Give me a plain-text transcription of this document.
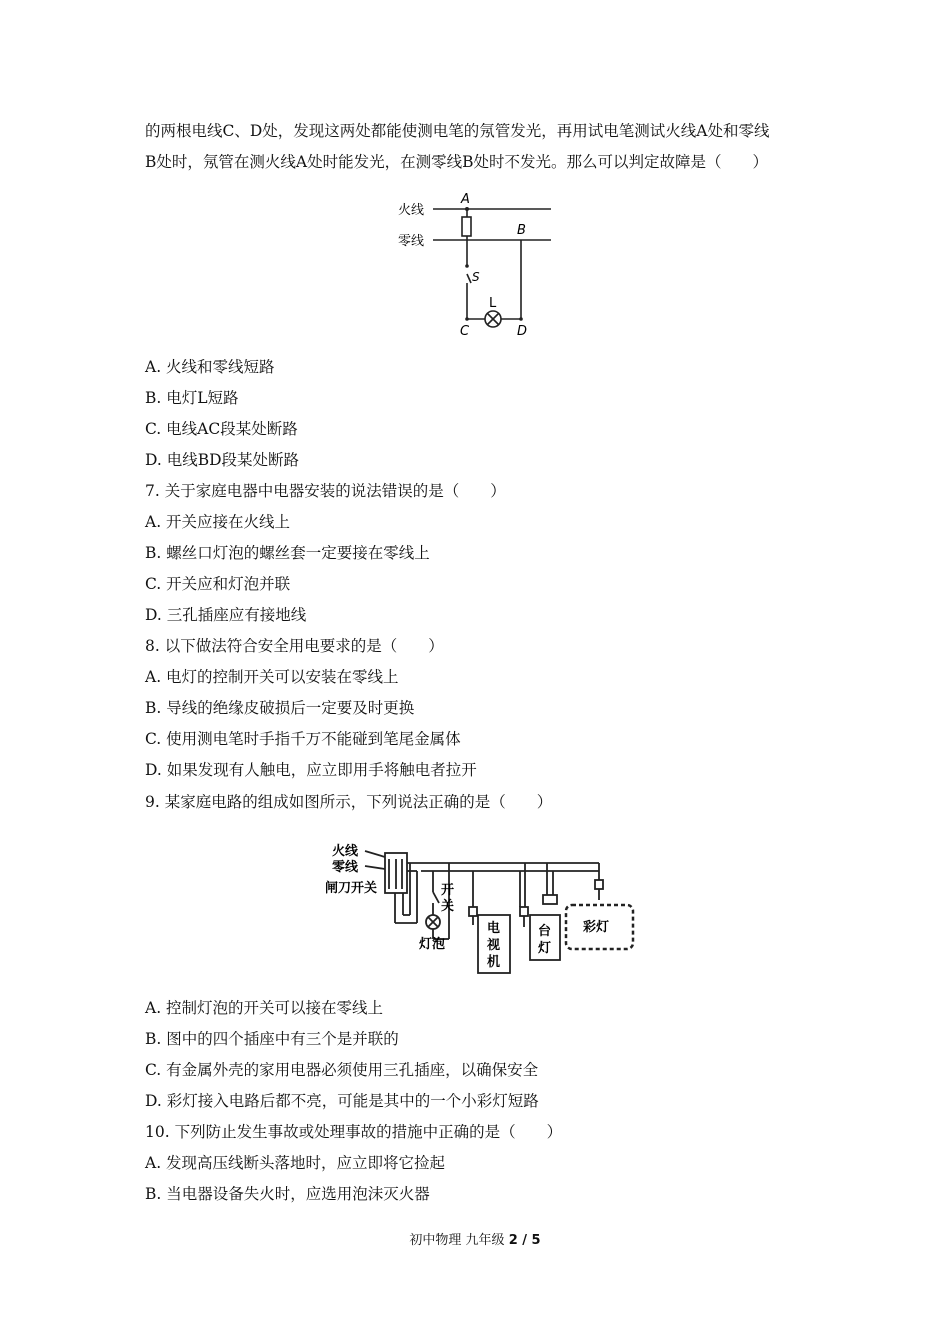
的两根电线C、D处，发现这两处都能使测电笔的氖管发光，再用试电笔测试火线A处和零线
B处时，氖管在测火线A处时能发光，在测零线B处时不发光。那么可以判定故障是（　　）
火线
零线
A
B
S
L
C	D
A. 火线和零线短路
B. 电灯L短路
C. 电线AC段某处断路
D. 电线BD段某处断路
7. 关于家庭电器中电器安装的说法错误的是（　　）
A. 开关应接在火线上
B. 螺丝口灯泡的螺丝套一定要接在零线上
C. 开关应和灯泡并联
D. 三孔插座应有接地线
8. 以下做法符合安全用电要求的是（　　）
A. 电灯的控制开关可以安装在零线上
B. 导线的绝缘皮破损后一定要及时更换
C. 使用测电笔时手指千万不能碰到笔尾金属体
D. 如果发现有人触电，应立即用手将触电者拉开
9. 某家庭电路的组成如图所示，下列说法正确的是（　　）
火线
零线
闸刀开关	开
关
灯泡
电
视
机
台
灯
彩灯
A. 控制灯泡的开关可以接在零线上
B. 图中的四个插座中有三个是并联的
C. 有金属外壳的家用电器必须使用三孔插座，以确保安全
D. 彩灯接入电路后都不亮，可能是其中的一个小彩灯短路
10. 下列防止发生事故或处理事故的措施中正确的是（　　）
A. 发现高压线断头落地时，应立即将它捡起
B. 当电器设备失火时，应选用泡沫灭火器
初中物理 九年级 2 / 5
